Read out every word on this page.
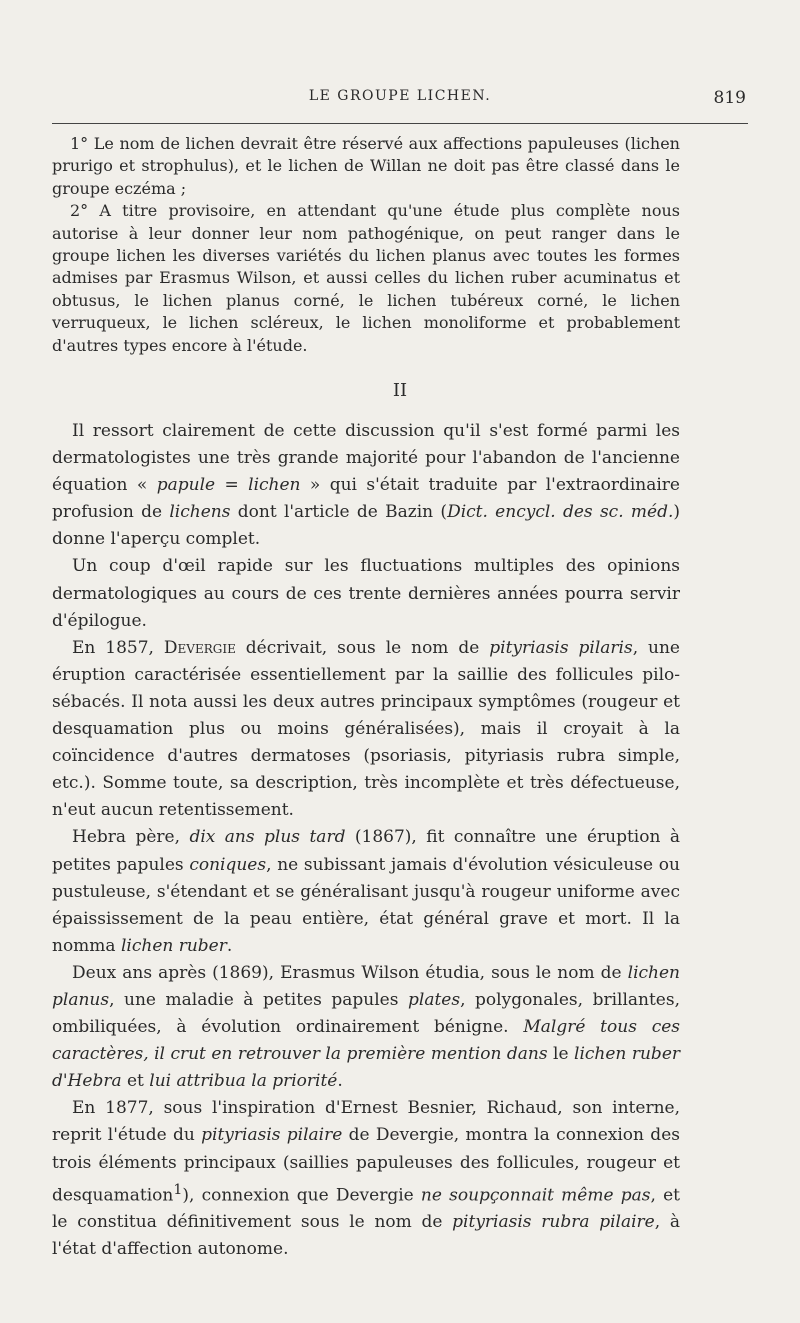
LE GROUPE LICHEN.	819

1° Le nom de lichen devrait être réservé aux affections papuleuses (lichen prurigo et strophulus), et le lichen de Willan ne doit pas être classé dans le groupe eczéma ;

2° A titre provisoire, en attendant qu'une étude plus complète nous autorise à leur donner leur nom pathogénique, on peut ranger dans le groupe lichen les diverses variétés du lichen planus avec toutes les formes admises par Erasmus Wilson, et aussi celles du lichen ruber acuminatus et obtusus, le lichen planus corné, le lichen tubéreux corné, le lichen verruqueux, le lichen scléreux, le lichen monoliforme et probablement d'autres types encore à l'étude.

II

Il ressort clairement de cette discussion qu'il s'est formé parmi les dermatologistes une très grande majorité pour l'abandon de l'ancienne équation « papule = lichen » qui s'était traduite par l'extraordinaire profusion de lichens dont l'article de Bazin (Dict. encycl. des sc. méd.) donne l'aperçu complet.

Un coup d'œil rapide sur les fluctuations multiples des opinions dermatologiques au cours de ces trente dernières années pourra servir d'épilogue.

En 1857, Devergie décrivait, sous le nom de pityriasis pilaris, une éruption caractérisée essentiellement par la saillie des follicules pilo-sébacés. Il nota aussi les deux autres principaux symptômes (rougeur et desquamation plus ou moins généralisées), mais il croyait à la coïncidence d'autres dermatoses (psoriasis, pityriasis rubra simple, etc.). Somme toute, sa description, très incomplète et très défectueuse, n'eut aucun retentissement.

Hebra père, dix ans plus tard (1867), fit connaître une éruption à petites papules coniques, ne subissant jamais d'évolution vésiculeuse ou pustuleuse, s'étendant et se généralisant jusqu'à rougeur uniforme avec épaississement de la peau entière, état général grave et mort. Il la nomma lichen ruber.

Deux ans après (1869), Erasmus Wilson étudia, sous le nom de lichen planus, une maladie à petites papules plates, polygonales, brillantes, ombiliquées, à évolution ordinairement bénigne. Malgré tous ces caractères, il crut en retrouver la première mention dans le lichen ruber d'Hebra et lui attribua la priorité.

En 1877, sous l'inspiration d'Ernest Besnier, Richaud, son interne, reprit l'étude du pityriasis pilaire de Devergie, montra la connexion des trois éléments principaux (saillies papuleuses des follicules, rougeur et desquamation$^1$), connexion que Devergie ne soupçonnait même pas, et le constitua définitivement sous le nom de pityriasis rubra pilaire, à l'état d'affection autonome.
